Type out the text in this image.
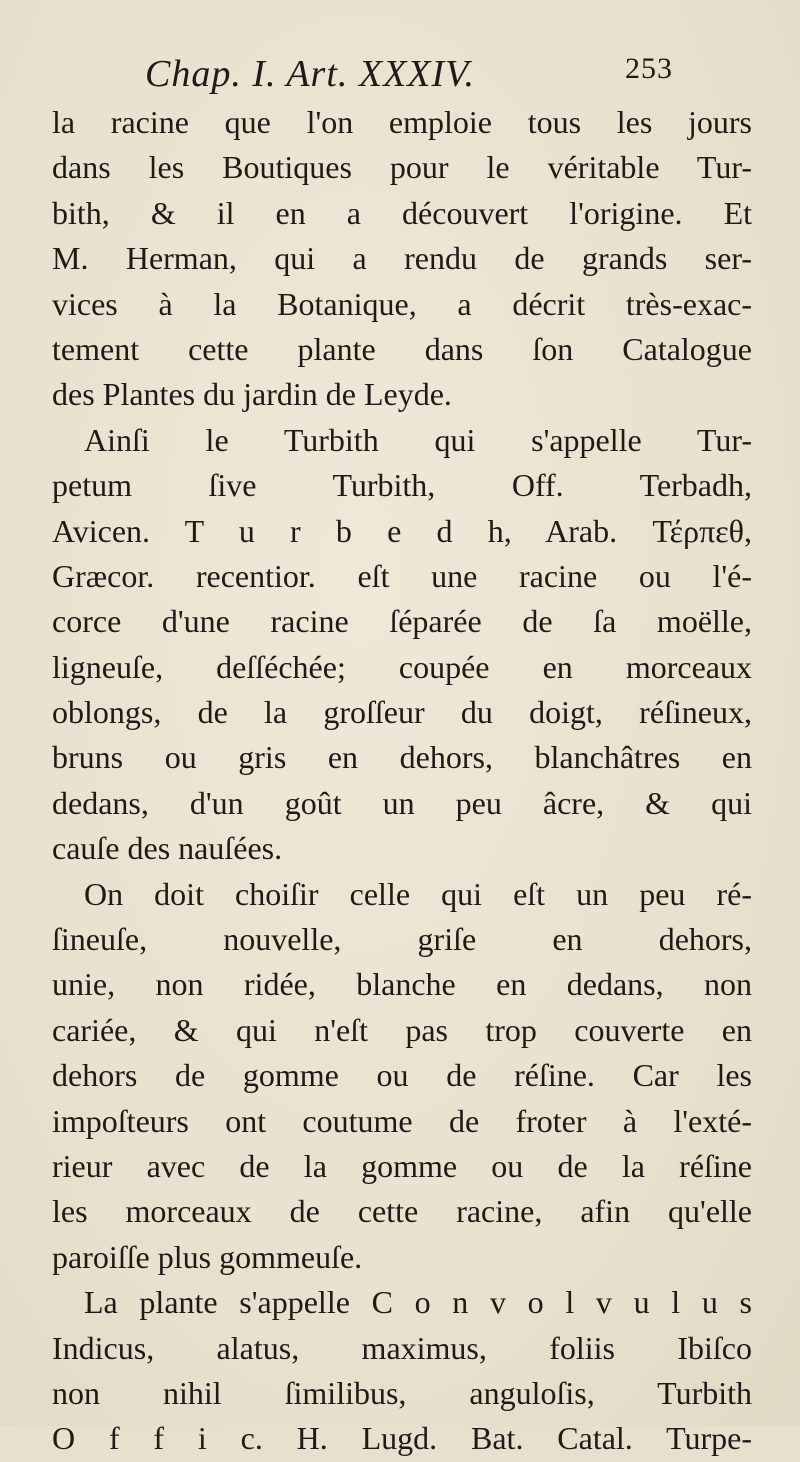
Chap. I. Art. XXXIV.	253
la racine que l'on emploie tous les jours
dans les Boutiques pour le véritable Tur-
bith, & il en a découvert l'origine. Et
M. Herman, qui a rendu de grands ser-
vices à la Botanique, a décrit très-exac-
tement cette plante dans ſon Catalogue
des Plantes du jardin de Leyde.
Ainſi le Turbith qui s'appelle Tur-
petum ſive Turbith, Off. Terbadh,
Avicen. T u r b e d h, Arab. Τέρπεθ,
Græcor. recentior. eſt une racine ou l'é-
corce d'une racine ſéparée de ſa moëlle,
ligneuſe, deſſéchée; coupée en morceaux
oblongs, de la groſſeur du doigt, réſineux,
bruns ou gris en dehors, blanchâtres en
dedans, d'un goût un peu âcre, & qui
cauſe des nauſées.
On doit choiſir celle qui eſt un peu ré-
ſineuſe, nouvelle, griſe en dehors,
unie, non ridée, blanche en dedans, non
cariée, & qui n'eſt pas trop couverte en
dehors de gomme ou de réſine. Car les
impoſteurs ont coutume de froter à l'exté-
rieur avec de la gomme ou de la réſine
les morceaux de cette racine, afin qu'elle
paroiſſe plus gommeuſe.
La plante s'appelle C o n v o l v u l u s
Indicus, alatus, maximus, foliis Ibiſco
non nihil ſimilibus, angulоſis, Turbith
O f f i c. H. Lugd. Bat. Catal. Turpe-
